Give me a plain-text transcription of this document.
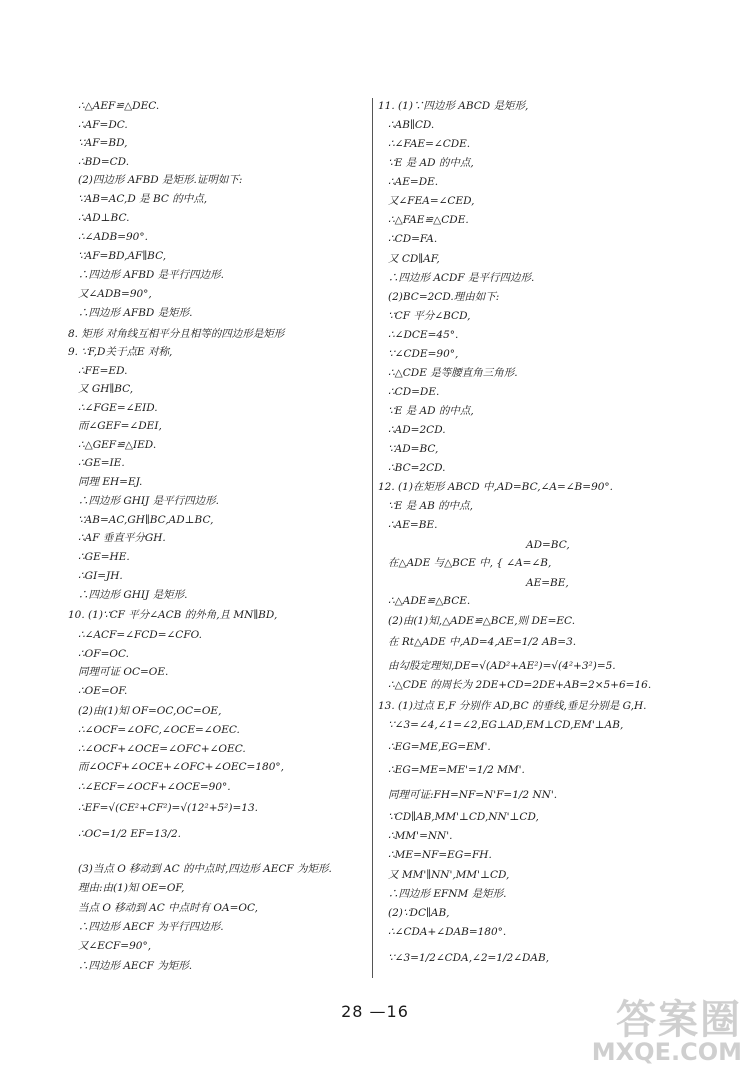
∴△AEF≌△DEC.
∴AF=DC.
∵AF=BD,
∴BD=CD.
(2)四边形 AFBD 是矩形.证明如下:
∵AB=AC,D 是 BC 的中点,
∴AD⊥BC.
∴∠ADB=90°.
∵AF=BD,AF∥BC,
∴四边形 AFBD 是平行四边形.
又∠ADB=90°,
∴四边形 AFBD 是矩形.
8. 矩形 对角线互相平分且相等的四边形是矩形
9. ∵F,D关于点E 对称,
∴FE=ED.
又 GH∥BC,
∴∠FGE=∠EID.
而∠GEF=∠DEI,
∴△GEF≌△IED.
∴GE=IE.
同理 EH=EJ.
∴四边形 GHIJ 是平行四边形.
∵AB=AC,GH∥BC,AD⊥BC,
∴AF 垂直平分GH.
∴GE=HE.
∴GI=JH.
∴四边形 GHIJ 是矩形.
10. (1)∵CF 平分∠ACB 的外角,且 MN∥BD,
∴∠ACF=∠FCD=∠CFO.
∴OF=OC.
同理可证 OC=OE.
∴OE=OF.
(2)由(1)知 OF=OC,OC=OE,
∴∠OCF=∠OFC,∠OCE=∠OEC.
∴∠OCF+∠OCE=∠OFC+∠OEC.
而∠OCF+∠OCE+∠OFC+∠OEC=180°,
∴∠ECF=∠OCF+∠OCE=90°.
∴EF=√(CE²+CF²)=√(12²+5²)=13.
∴OC=1/2 EF=13/2.
(3)当点 O 移动到 AC 的中点时,四边形 AECF 为矩形.
理由:由(1)知 OE=OF,
当点 O 移动到 AC 中点时有 OA=OC,
∴四边形 AECF 为平行四边形.
又∠ECF=90°,
∴四边形 AECF 为矩形.
11. (1)∵四边形 ABCD 是矩形,
∴AB∥CD.
∴∠FAE=∠CDE.
∵E 是 AD 的中点,
∴AE=DE.
又∠FEA=∠CED,
∴△FAE≌△CDE.
∴CD=FA.
又 CD∥AF,
∴四边形 ACDF 是平行四边形.
(2)BC=2CD.理由如下:
∵CF 平分∠BCD,
∴∠DCE=45°.
∵∠CDE=90°,
∴△CDE 是等腰直角三角形.
∴CD=DE.
∵E 是 AD 的中点,
∴AD=2CD.
∵AD=BC,
∴BC=2CD.
12. (1)在矩形 ABCD 中,AD=BC,∠A=∠B=90°.
∵E 是 AB 的中点,
∴AE=BE.
AD=BC,
在△ADE 与△BCE 中, { ∠A=∠B,
AE=BE,
∴△ADE≌△BCE.
(2)由(1)知,△ADE≌△BCE,则 DE=EC.
在 Rt△ADE 中,AD=4,AE=1/2 AB=3.
由勾股定理知,DE=√(AD²+AE²)=√(4²+3²)=5.
∴△CDE 的周长为 2DE+CD=2DE+AB=2×5+6=16.
13. (1)过点 E,F 分别作 AD,BC 的垂线,垂足分别是 G,H.
∵∠3=∠4,∠1=∠2,EG⊥AD,EM⊥CD,EM'⊥AB,
∴EG=ME,EG=EM'.
∴EG=ME=ME'=1/2 MM'.
同理可证:FH=NF=N'F=1/2 NN'.
∵CD∥AB,MM'⊥CD,NN'⊥CD,
∴MM'=NN'.
∴ME=NF=EG=FH.
又 MM'∥NN',MM'⊥CD,
∴四边形 EFNM 是矩形.
(2)∵DC∥AB,
∴∠CDA+∠DAB=180°.
∵∠3=1/2∠CDA,∠2=1/2∠DAB,
28 —16	答案圈
MXQE.COM
